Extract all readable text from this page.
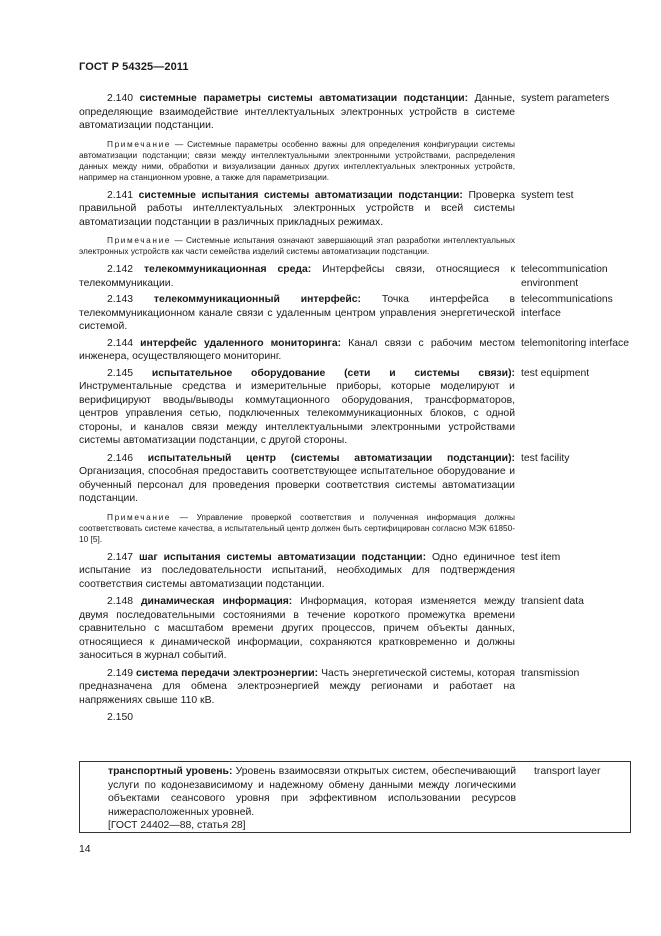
ГОСТ Р 54325—2011

2.140 системные параметры системы автоматизации подстанции: Данные, определяющие взаимодействие интеллектуальных электронных устройств в системе автоматизации подстанции.

Примечание — Системные параметры особенно важны для определения конфигурации системы автоматизации подстанции; связи между интеллектуальными электронными устройствами, распределения данных между ними, обработки и визуализации данных других интеллектуальных электронных устройств, например на станционном уровне, а также для параметризации.

system parameters

2.141 системные испытания системы автоматизации подстанции: Проверка правильной работы интеллектуальных электронных устройств и всей системы автоматизации подстанции в различных прикладных режимах.

Примечание — Системные испытания означают завершающий этап разработки интеллектуальных электронных устройств как части семейства изделий системы автоматизации подстанции.

system test

2.142 телекоммуникационная среда: Интерфейсы связи, относящиеся к телекоммуникации.

telecommunication environment

2.143 телекоммуникационный интерфейс: Точка интерфейса в телекоммуникационном канале связи с удаленным центром управления энергетической системой.

telecommunications interface

2.144 интерфейс удаленного мониторинга: Канал связи с рабочим местом инженера, осуществляющего мониторинг.

telemonitoring interface

2.145 испытательное оборудование (сети и системы связи): Инструментальные средства и измерительные приборы, которые моделируют и верифицируют вводы/выводы коммутационного оборудования, трансформаторов, центров управления сетью, подключенных телекоммуникационных блоков, с одной стороны, и каналов связи между интеллектуальными электронными устройствами системы автоматизации подстанции, с другой стороны.

test equipment

2.146 испытательный центр (системы автоматизации подстанции): Организация, способная предоставить соответствующее испытательное оборудование и обученный персонал для проведения проверки соответствия системы автоматизации подстанции.

Примечание — Управление проверкой соответствия и полученная информация должны соответствовать системе качества, а испытательный центр должен быть сертифицирован согласно МЭК 61850-10 [5].

test facility

2.147 шаг испытания системы автоматизации подстанции: Одно единичное испытание из последовательности испытаний, необходимых для подтверждения соответствия системы автоматизации подстанции.

test item

2.148 динамическая информация: Информация, которая изменяется между двумя последовательными состояниями в течение короткого промежутка времени сравнительно с масштабом времени других процессов, причем объекты данных, относящиеся к динамической информации, сохраняются кратковременно и должны заноситься в журнал событий.

transient data

2.149 система передачи электроэнергии: Часть энергетической системы, которая предназначена для обмена электроэнергией между регионами и работает на напряжениях свыше 110 кВ.

transmission

2.150

транспортный уровень: Уровень взаимосвязи открытых систем, обеспечивающий услуги по кодонезависимому и надежному обмену данными между логическими объектами сеансового уровня при эффективном использовании ресурсов нижерасположенных уровней.

[ГОСТ 24402—88, статья 28]

transport layer
14
